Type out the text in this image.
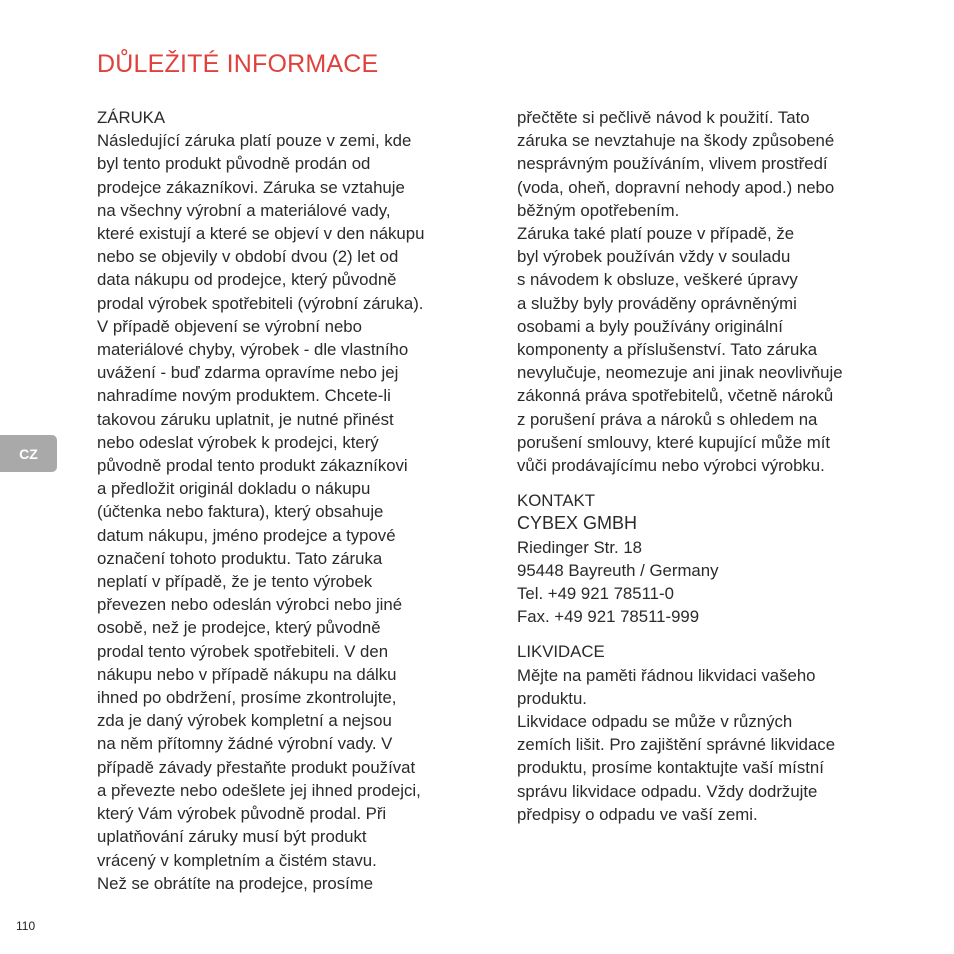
DŮLEŽITÉ INFORMACE
CZ
ZÁRUKA
Následující záruka platí pouze v zemi, kde
byl tento produkt původně prodán od
prodejce zákazníkovi. Záruka se vztahuje
na všechny výrobní a materiálové vady,
které existují a které se objeví v den nákupu
nebo se objevily v období dvou (2) let od
data nákupu od prodejce, který původně
prodal výrobek spotřebiteli (výrobní záruka).
V případě objevení se výrobní nebo
materiálové chyby, výrobek - dle vlastního
uvážení - buď zdarma opravíme nebo jej
nahradíme novým produktem. Chcete-li
takovou záruku uplatnit, je nutné přinést
nebo odeslat výrobek k prodejci, který
původně prodal tento produkt zákazníkovi
a předložit originál dokladu o nákupu
(účtenka nebo faktura), který obsahuje
datum nákupu, jméno prodejce a typové
označení tohoto produktu. Tato záruka
neplatí v případě, že je tento výrobek
převezen nebo odeslán výrobci nebo jiné
osobě, než je prodejce, který původně
prodal tento výrobek spotřebiteli. V den
nákupu nebo v případě nákupu na dálku
ihned po obdržení, prosíme zkontrolujte,
zda je daný výrobek kompletní a nejsou
na něm přítomny žádné výrobní vady. V
případě závady přestaňte produkt používat
a převezte nebo odešlete jej ihned prodejci,
který Vám výrobek původně prodal. Při
uplatňování záruky musí být produkt
vrácený v kompletním a čistém stavu.
Než se obrátíte na prodejce, prosíme
přečtěte si pečlivě návod k použití. Tato
záruka se nevztahuje na škody způsobené
nesprávným používáním, vlivem prostředí
(voda, oheň, dopravní nehody apod.) nebo
běžným opotřebením.
Záruka také platí pouze v případě, že
byl výrobek používán vždy v souladu
s návodem k obsluze, veškeré úpravy
a služby byly prováděny oprávněnými
osobami a byly používány originální
komponenty a příslušenství. Tato záruka
nevylučuje, neomezuje ani jinak neovlivňuje
zákonná práva spotřebitelů, včetně nároků
z porušení práva a nároků s ohledem na
porušení smlouvy, které kupující může mít
vůči prodávajícímu nebo výrobci výrobku.
KONTAKT
CYBEX GMBH
Riedinger Str. 18
95448 Bayreuth / Germany
Tel. +49 921 78511-0
Fax. +49 921 78511-999
LIKVIDACE
Mějte na paměti řádnou likvidaci vašeho
produktu.
Likvidace odpadu se může v různých
zemích lišit. Pro zajištění správné likvidace
produktu, prosíme kontaktujte vaší místní
správu likvidace odpadu. Vždy dodržujte
předpisy o odpadu ve vaší zemi.
110
